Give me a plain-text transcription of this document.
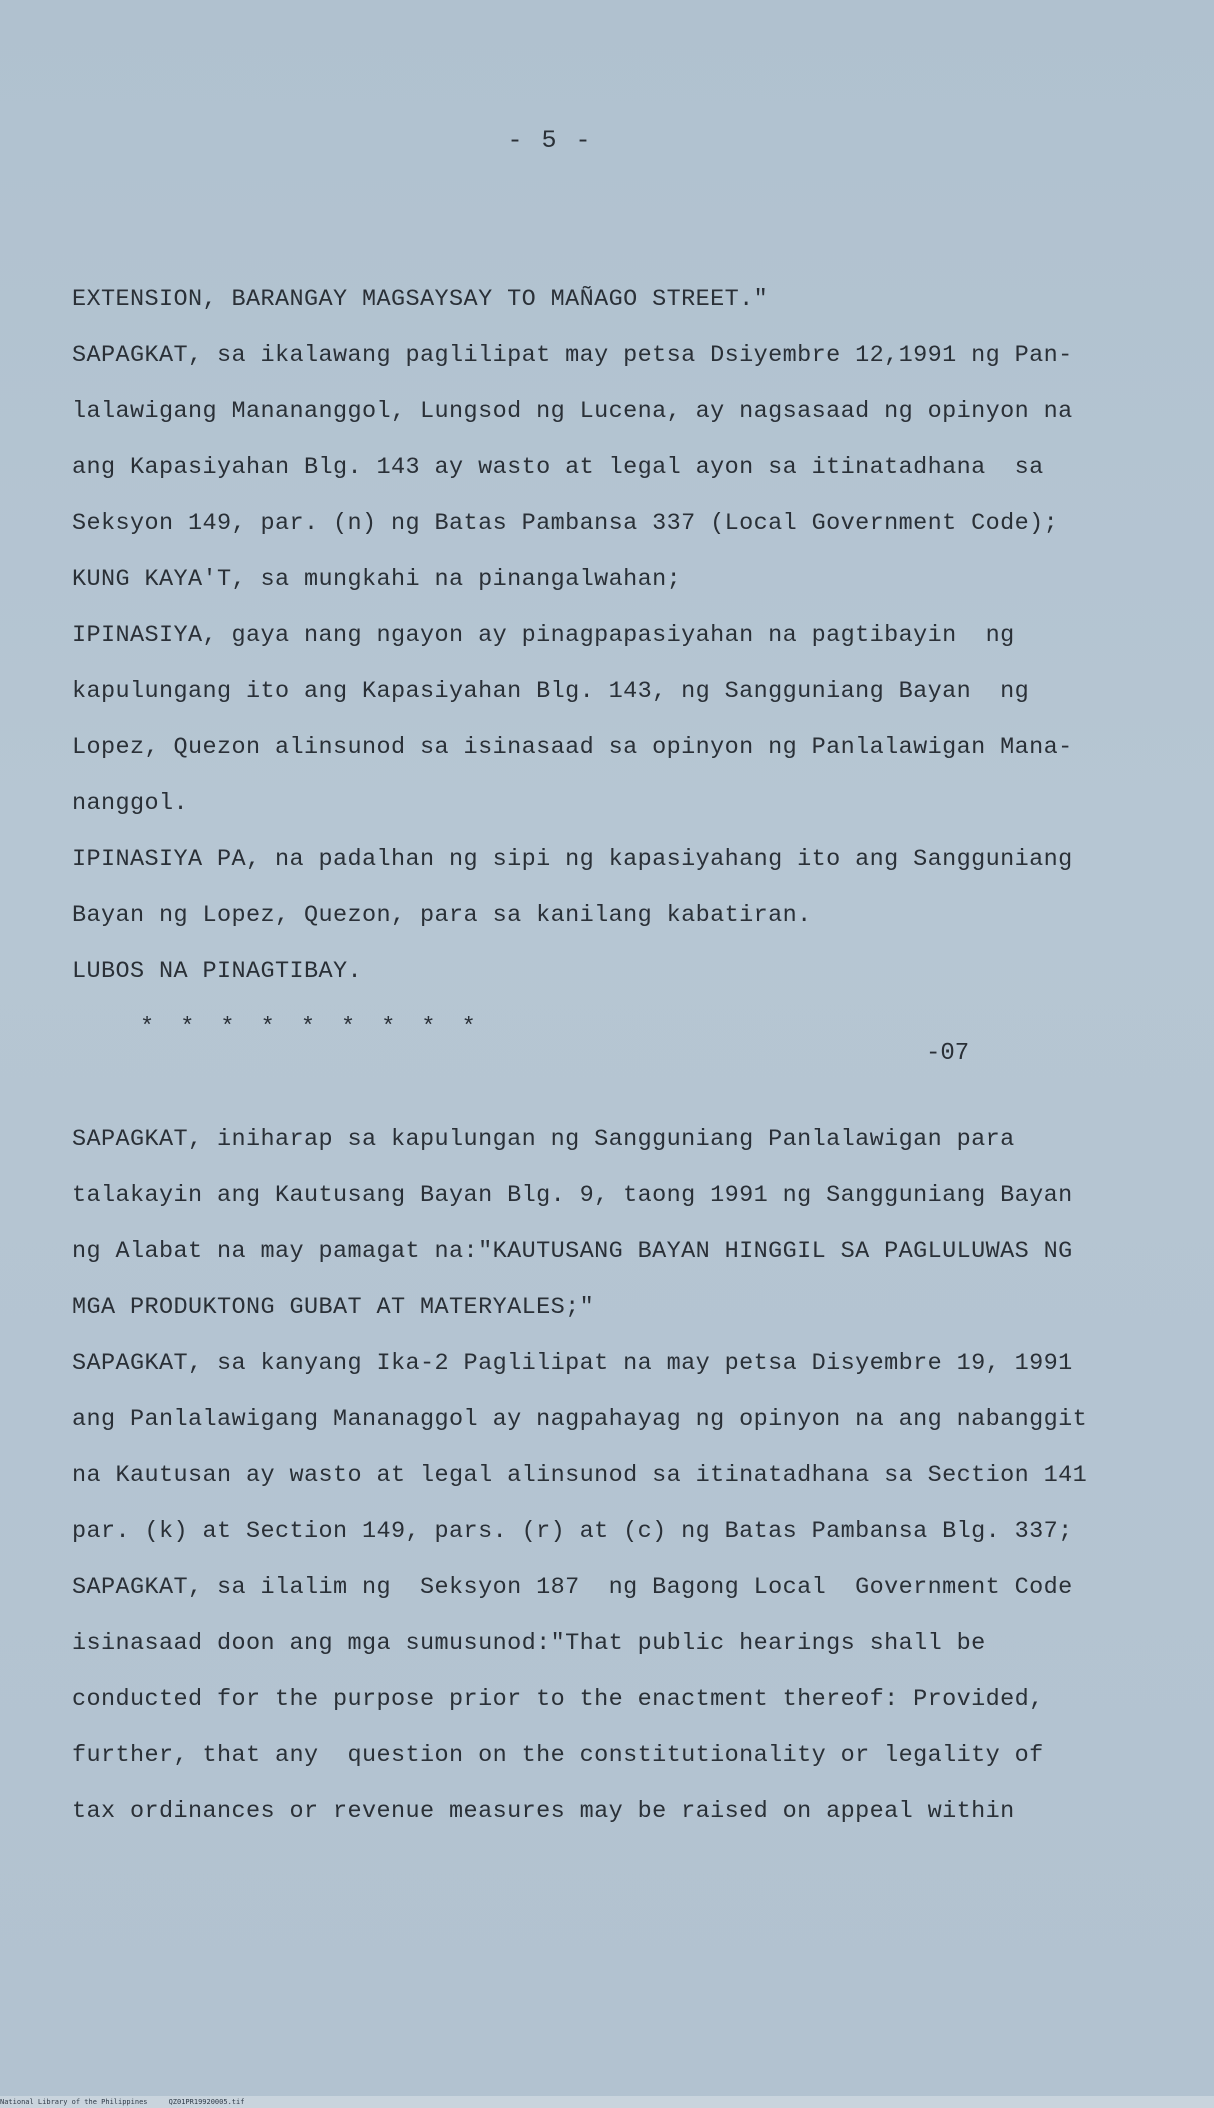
- 5 -
EXTENSION, BARANGAY MAGSAYSAY TO MAÑAGO STREET."
SAPAGKAT, sa ikalawang paglilipat may petsa Dsiyembre 12,1991 ng Pan-
lalawigang Manananggol, Lungsod ng Lucena, ay nagsasaad ng opinyon na
ang Kapasiyahan Blg. 143 ay wasto at legal ayon sa itinatadhana  sa
Seksyon 149, par. (n) ng Batas Pambansa 337 (Local Government Code);
KUNG KAYA'T, sa mungkahi na pinangalwahan;
IPINASIYA, gaya nang ngayon ay pinagpapasiyahan na pagtibayin  ng
kapulungang ito ang Kapasiyahan Blg. 143, ng Sangguniang Bayan  ng
Lopez, Quezon alinsunod sa isinasaad sa opinyon ng Panlalawigan Mana-
nanggol.
IPINASIYA PA, na padalhan ng sipi ng kapasiyahang ito ang Sangguniang
Bayan ng Lopez, Quezon, para sa kanilang kabatiran.
LUBOS NA PINAGTIBAY.
* * * * * * * * *
SAPAGKAT, iniharap sa kapulungan ng Sangguniang Panlalawigan para
talakayin ang Kautusang Bayan Blg. 9, taong 1991 ng Sangguniang Bayan
ng Alabat na may pamagat na:"KAUTUSANG BAYAN HINGGIL SA PAGLULUWAS NG
MGA PRODUKTONG GUBAT AT MATERYALES;"
SAPAGKAT, sa kanyang Ika-2 Paglilipat na may petsa Disyembre 19, 1991
ang Panlalawigang Mananaggol ay nagpahayag ng opinyon na ang nabanggit
na Kautusan ay wasto at legal alinsunod sa itinatadhana sa Section 141
par. (k) at Section 149, pars. (r) at (c) ng Batas Pambansa Blg. 337;
SAPAGKAT, sa ilalim ng  Seksyon 187  ng Bagong Local  Government Code
isinasaad doon ang mga sumusunod:"That public hearings shall be
conducted for the purpose prior to the enactment thereof: Provided,
further, that any  question on the constitutionality or legality of
tax ordinances or revenue measures may be raised on appeal within
-07
National Library of the Philippines     QZ01PR19920005.tif
